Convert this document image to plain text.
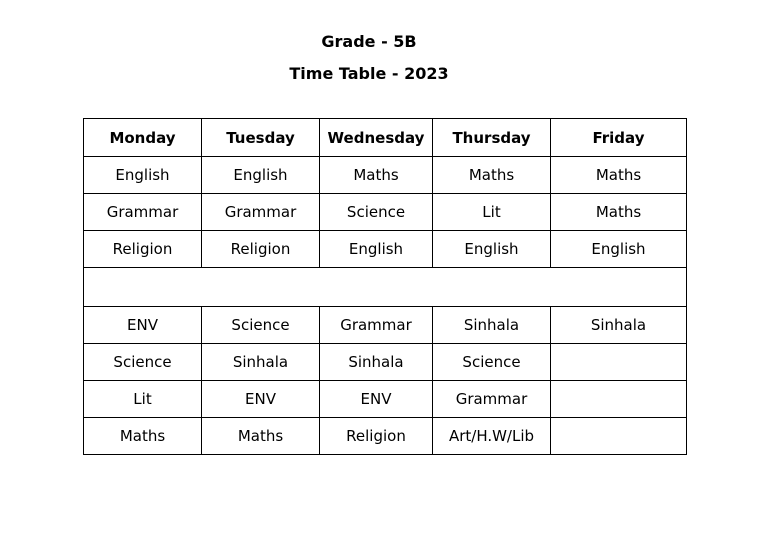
Grade - 5B
Time Table - 2023
Monday	Tuesday	Wednesday	Thursday	Friday
English	English	Maths	Maths	Maths
Grammar	Grammar	Science	Lit	Maths
Religion	Religion	English	English	English

ENV	Science	Grammar	Sinhala	Sinhala
Science	Sinhala	Sinhala	Science	
Lit	ENV	ENV	Grammar	
Maths	Maths	Religion	Art/H.W/Lib	
